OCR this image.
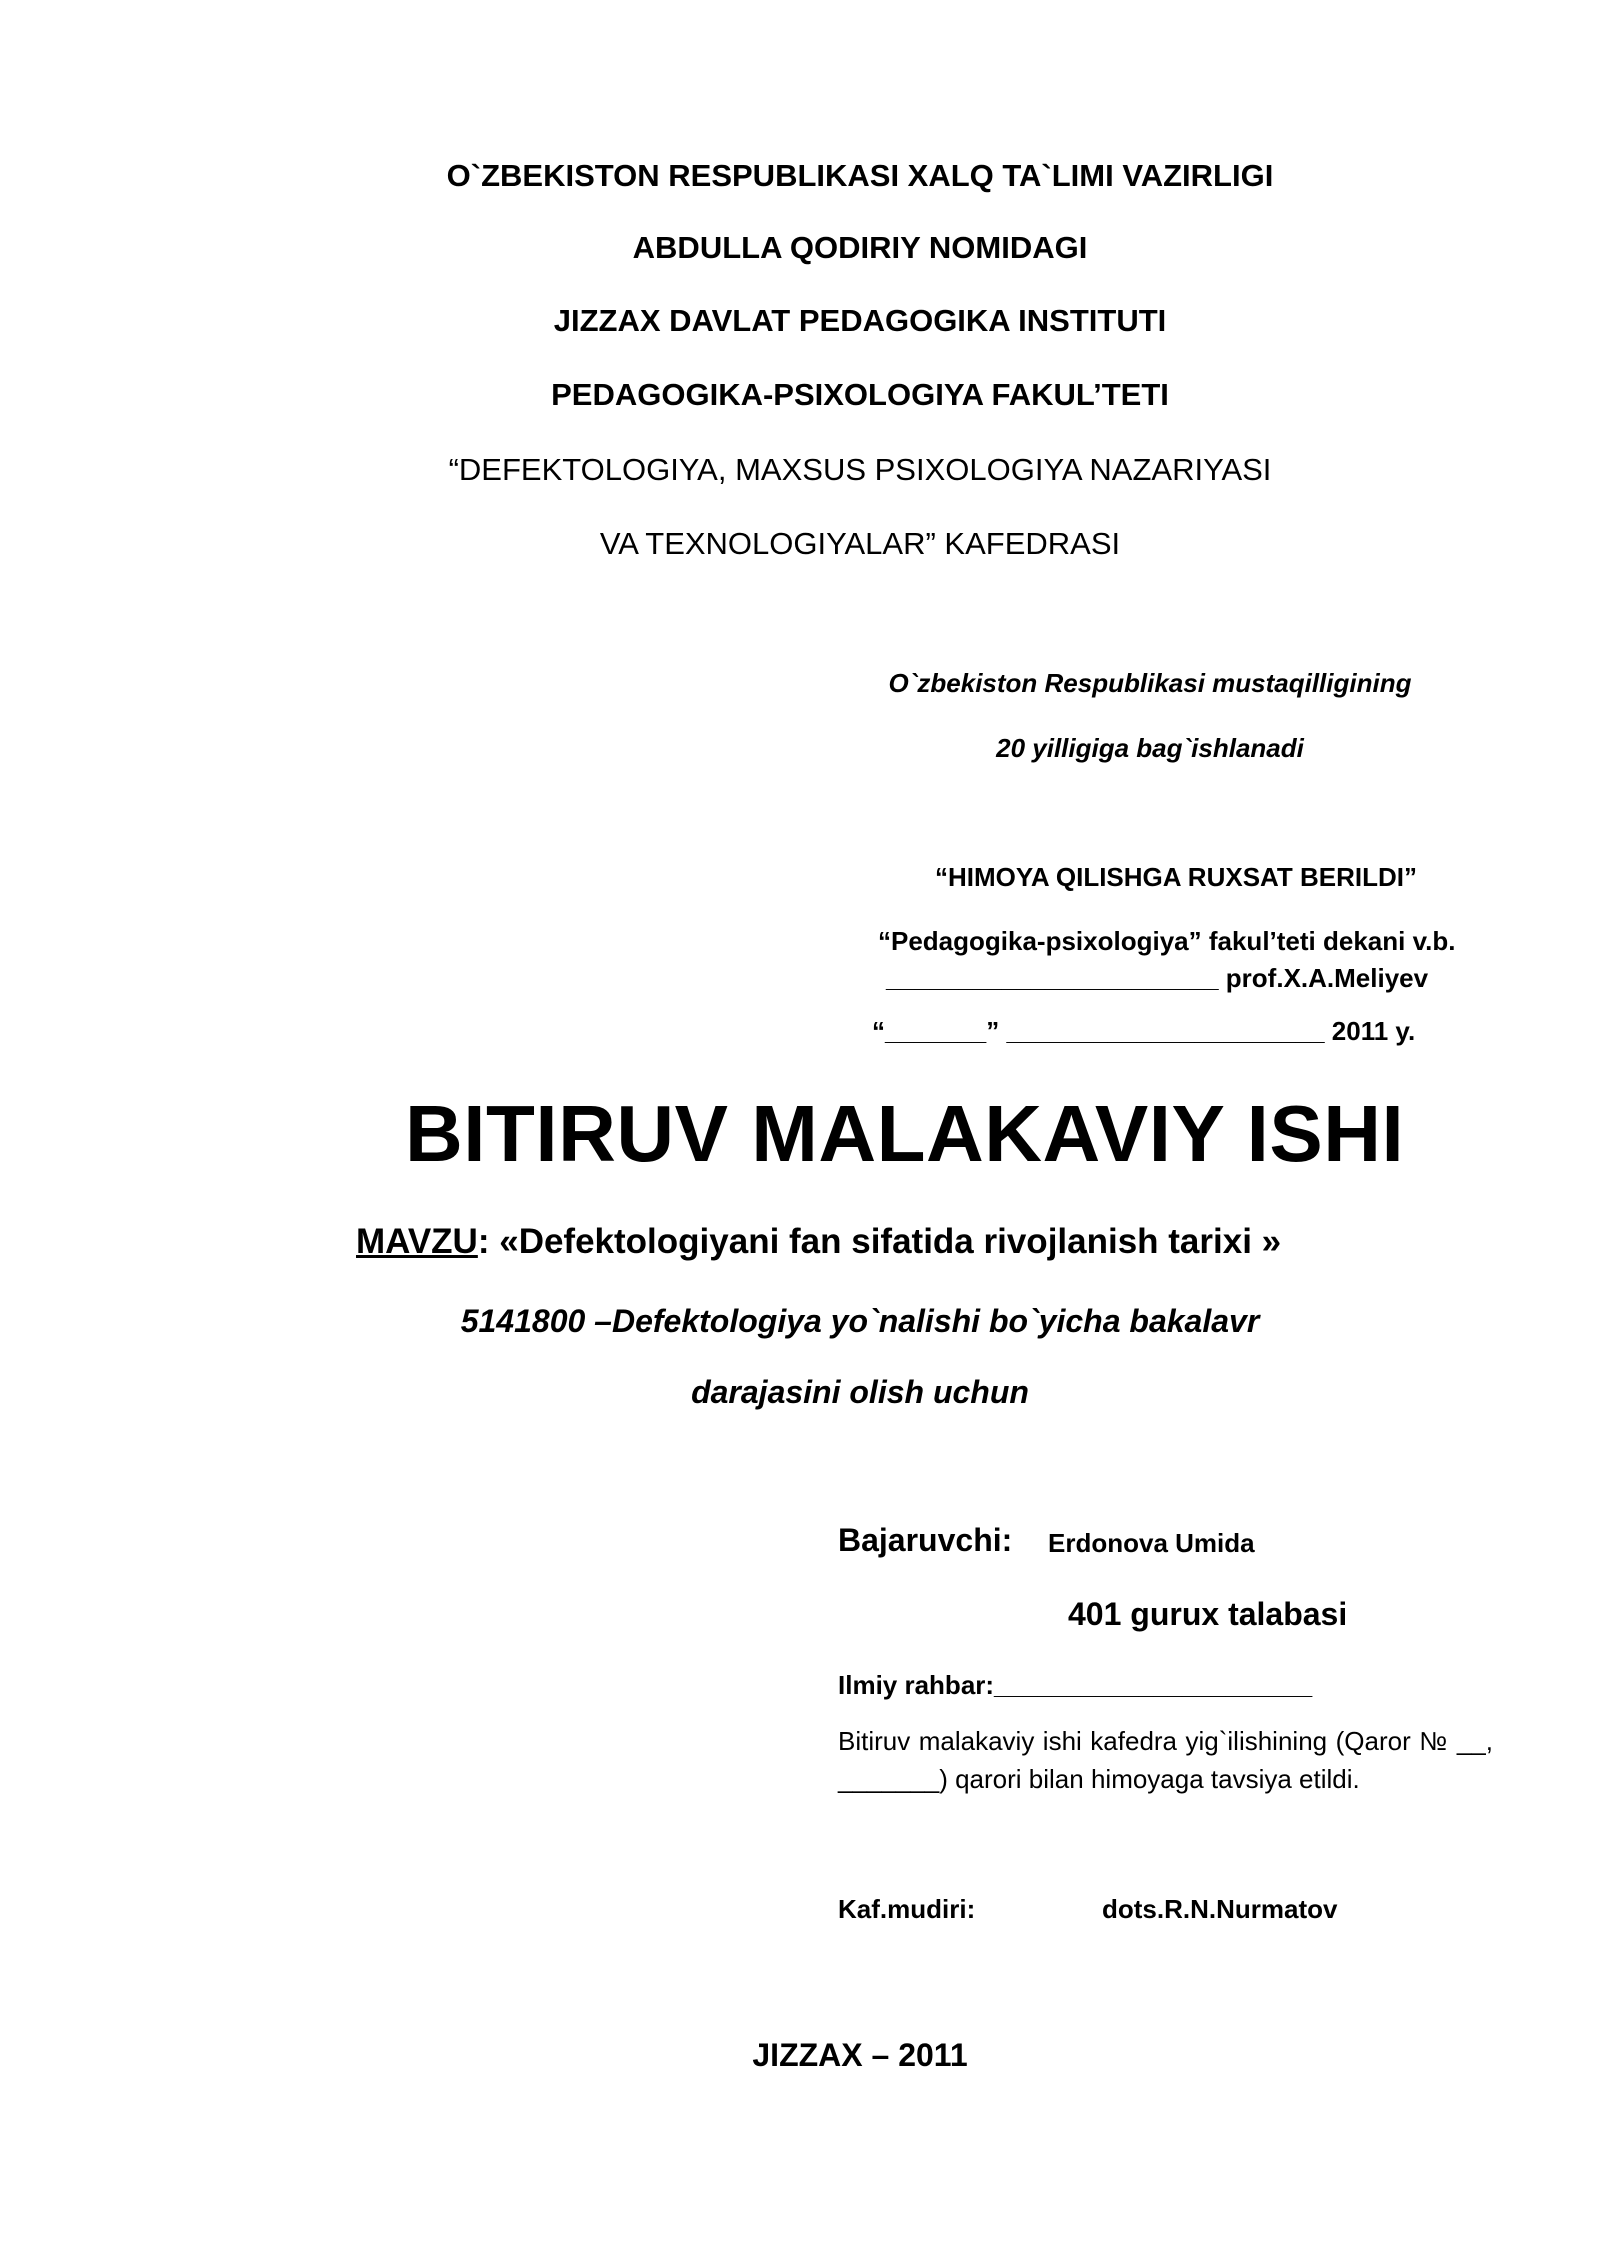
O`ZBEKISTON RESPUBLIKASI XALQ TA`LIMI VAZIRLIGI
ABDULLA QODIRIY NOMIDAGI
JIZZAX DAVLAT PEDAGOGIKA INSTITUTI
PEDAGOGIKA-PSIXOLOGIYA FAKUL’TETI
“DEFEKTOLOGIYA, MAXSUS PSIXOLOGIYA NAZARIYASI
VA TEXNOLOGIYALAR” KAFEDRASI
O`zbekiston Respublikasi mustaqilligining
20 yilligiga bag`ishlanadi
“HIMOYA QILISHGA RUXSAT BERILDI”
“Pedagogika-psixologiya” fakul’teti dekani v.b.
_______________________ prof.X.A.Meliyev
“_______” ______________________ 2011 y.
BITIRUV MALAKAVIY ISHI
MAVZU: «Defektologiyani fan sifatida rivojlanish tarixi »
5141800 –Defektologiya yo`nalishi bo`yicha bakalavr
darajasini olish uchun
Bajaruvchi: Erdonova Umida
401 gurux talabasi
Ilmiy rahbar:______________________
Bitiruv malakaviy ishi kafedra yig`ilishining (Qaror № __, _______) qarori bilan himoyaga tavsiya etildi.
Kaf.mudiri:	dots.R.N.Nurmatov
JIZZAX – 2011
